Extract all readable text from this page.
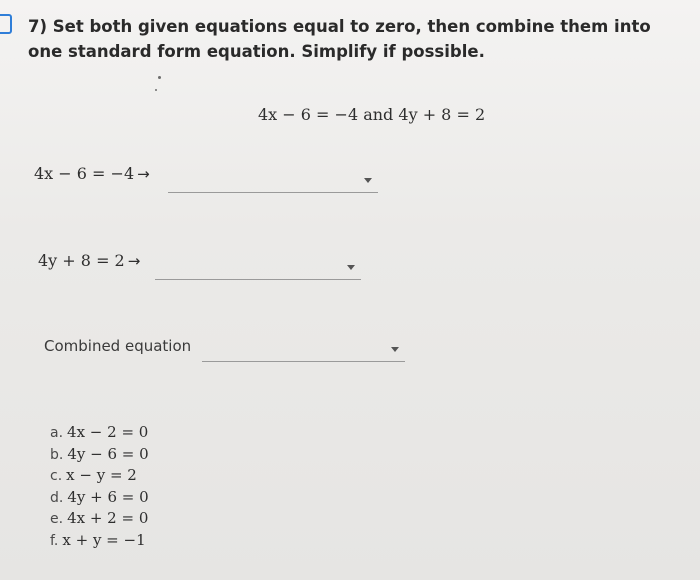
7) Set both given equations equal to zero, then combine them into one standard form equation. Simplify if possible.
4x − 6 = −4 and 4y + 8 = 2
4x − 6 = −4 →
4y + 8 = 2 →
Combined equation
a. 4x − 2 = 0
b. 4y − 6 = 0
c. x − y = 2
d. 4y + 6 = 0
e. 4x + 2 = 0
f. x + y = −1
